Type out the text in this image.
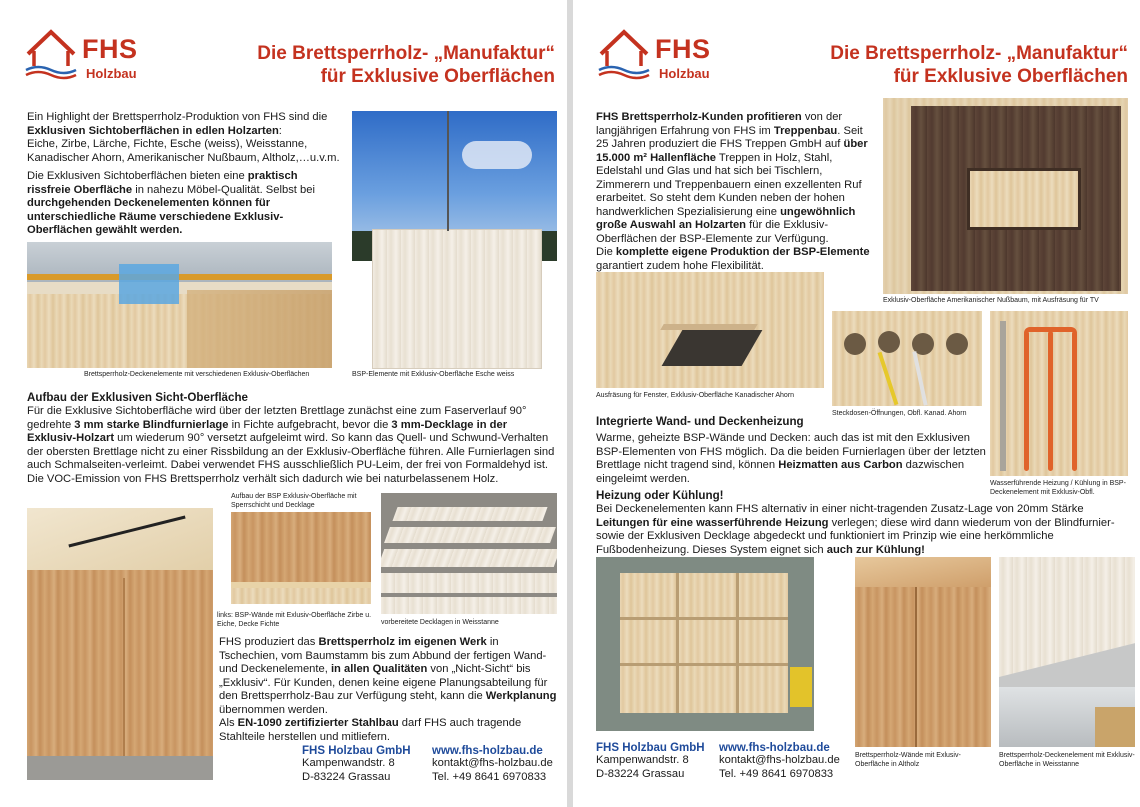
FHS
Holzbau
Die Brettsperrholz- „Manufaktur“
für Exklusive Oberflächen

Ein Highlight der Brettsperrholz-Produktion von FHS sind die
Exklusiven Sichtoberflächen in edlen Holzarten:
Eiche, Zirbe, Lärche, Fichte, Esche (weiss), Weisstanne,
Kanadischer Ahorn, Amerikanischer Nußbaum, Altholz,…u.v.m.

Die Exklusiven Sichtoberflächen bieten eine praktisch rissfreie Oberfläche in nahezu Möbel-Qualität. Selbst bei durchgehenden Deckenelementen können für unterschiedliche Räume verschiedene Exklusiv-Oberflächen gewählt werden.

Brettsperrholz-Deckenelemente mit verschiedenen Exklusiv-Oberflächen	BSP-Elemente mit Exklusiv-Oberfläche Esche weiss
Aufbau der Exklusiven Sicht-Oberfläche
Für die Exklusive Sichtoberfläche wird über der letzten Brettlage zunächst eine zum Faserverlauf 90° gedrehte 3 mm starke Blindfurnierlage in Fichte aufgebracht, bevor die 3 mm-Decklage in der Exklusiv-Holzart um wiederum 90° versetzt aufgeleimt wird. So kann das Quell- und Schwund-Verhalten der obersten Brettlage nicht zu einer Rissbildung an der Exklusiv-Oberfläche führen. Alle Furnierlagen sind auch Schmalseiten-verleimt. Dabei verwendet FHS ausschließlich PU-Leim, der frei von Formaldehyd ist. Die VOC-Emission von FHS Brettsperrholz verhält sich dadurch wie bei naturbelassenem Holz.
Aufbau der BSP Exklusiv-Oberfläche mit Sperrschicht und Decklage
links: BSP-Wände mit Exlusiv-Oberfläche Zirbe u. Eiche, Decke Fichte	vorbereitete Decklagen in Weisstanne
FHS produziert das Brettsperrholz im eigenen Werk in Tschechien, vom Baumstamm bis zum Abbund der fertigen Wand- und Deckenelemente, in allen Qualitäten von „Nicht-Sicht“ bis „Exklusiv“. Für Kunden, denen keine eigene Planungsabteilung für den Brettsperrholz-Bau zur Verfügung steht, kann die Werkplanung übernommen werden.
Als EN-1090 zertifizierter Stahlbau darf FHS auch tragende Stahlteile herstellen und mitliefern.
FHS Holzbau GmbH
Kampenwandstr. 8
D-83224 Grassau
www.fhs-holzbau.de
kontakt@fhs-holzbau.de
Tel. +49 8641 6970833
FHS
Holzbau
Die Brettsperrholz- „Manufaktur“
für Exklusive Oberflächen
FHS Brettsperrholz-Kunden profitieren von der langjährigen Erfahrung von FHS im Treppenbau. Seit 25 Jahren produziert die FHS Treppen GmbH auf über 15.000 m² Hallenfläche Treppen in Holz, Stahl, Edelstahl und Glas und hat sich bei Tischlern, Zimmerern und Treppenbauern einen exzellenten Ruf erarbeitet. So steht dem Kunden neben der hohen handwerklichen Spezialisierung eine ungewöhnlich große Auswahl an Holzarten für die Exklusiv-Oberflächen der BSP-Elemente zur Verfügung.
Die komplette eigene Produktion der BSP-Elemente garantiert zudem hohe Flexibilität.
Exklusiv-Oberfläche Amerikanischer Nußbaum, mit Ausfräsung für TV
Ausfräsung für Fenster, Exklusiv-Oberfläche Kanadischer Ahorn
Steckdosen-Öffnungen, Obfl. Kanad. Ahorn
Wasserführende Heizung / Kühlung in BSP-Deckenelement mit Exklusiv-Obfl.
Integrierte Wand- und Deckenheizung
Warme, geheizte BSP-Wände und Decken: auch das ist mit den Exklusiven BSP-Elementen von FHS möglich. Da die beiden Furnierlagen über der letzten Brettlage nicht tragend sind, können Heizmatten aus Carbon dazwischen eingeleimt werden.
Heizung oder Kühlung!
Bei Deckenelementen kann FHS alternativ in einer nicht-tragenden Zusatz-Lage von 20mm Stärke Leitungen für eine wasserführende Heizung verlegen; diese wird dann wiederum von der Blindfurnier- sowie der Exklusiven Decklage abgedeckt und funktioniert im Prinzip wie eine herkömmliche Fußbodenheizung. Dieses System eignet sich auch zur Kühlung!
FHS Holzbau GmbH
Kampenwandstr. 8
D-83224 Grassau
www.fhs-holzbau.de
kontakt@fhs-holzbau.de
Tel. +49 8641 6970833
Brettsperrholz-Wände mit Exlusiv-Oberfläche in Altholz
Brettsperrholz-Deckenelement mit Exklusiv-Oberfläche in Weisstanne
